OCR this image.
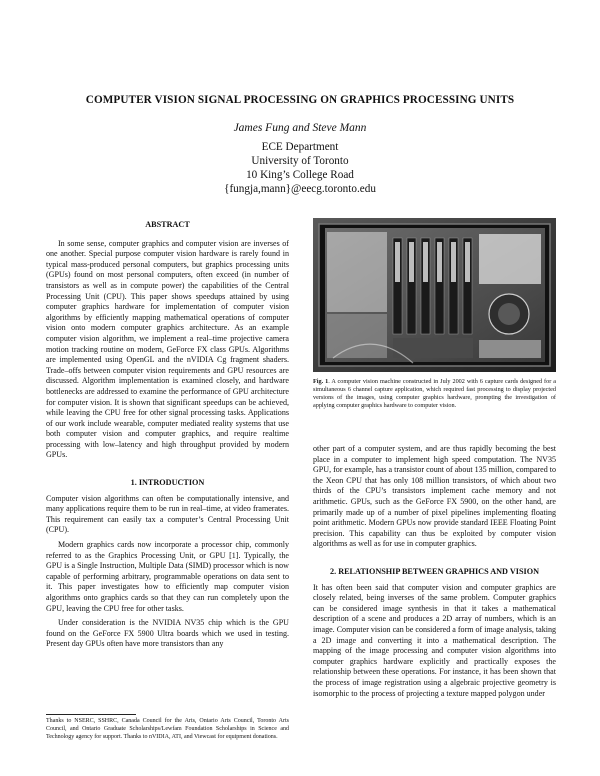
COMPUTER VISION SIGNAL PROCESSING ON GRAPHICS PROCESSING UNITS
James Fung and Steve Mann
ECE Department
University of Toronto
10 King’s College Road
{fungja,mann}@eecg.toronto.edu

ABSTRACT

In some sense, computer graphics and computer vision are inverses of one another. Special purpose computer vision hardware is rarely found in typical mass-produced personal computers, but graphics processing units (GPUs) found on most personal computers, often exceed (in number of transistors as well as in compute power) the capabilities of the Central Processing Unit (CPU). This paper shows speedups attained by using computer graphics hardware for implementation of computer vision algorithms by efficiently mapping mathematical operations of computer vision onto modern computer graphics architecture. As an example computer vision algorithm, we implement a real–time projective camera motion tracking routine on modern, GeForce FX class GPUs. Algorithms are implemented using OpenGL and the nVIDIA Cg fragment shaders. Trade–offs between computer vision requirements and GPU resources are discussed. Algorithm implementation is examined closely, and hardware bottlenecks are addressed to examine the performance of GPU architecture for computer vision. It is shown that significant speedups can be achieved, while leaving the CPU free for other signal processing tasks. Applications of our work include wearable, computer mediated reality systems that use both computer vision and computer graphics, and require realtime processing with low–latency and high throughput provided by modern GPUs.

1. INTRODUCTION

Computer vision algorithms can often be computationally intensive, and many applications require them to be run in real–time, at video framerates. This requirement can easily tax a computer’s Central Processing Unit (CPU).

Modern graphics cards now incorporate a processor chip, commonly referred to as the Graphics Processing Unit, or GPU [1]. Typically, the GPU is a Single Instruction, Multiple Data (SIMD) processor which is now capable of performing arbitrary, programmable operations on data sent to it. This paper investigates how to efficiently map computer vision algorithms onto graphics cards so that they can run completely upon the GPU, leaving the CPU free for other tasks.

Under consideration is the NVIDIA NV35 chip which is the GPU found on the GeForce FX 5900 Ultra boards which we used in testing. Present day GPUs often have more transistors than any

Thanks to NSERC, SSHRC, Canada Council for the Arts, Ontario Arts Council, Toronto Arts Council, and Ontario Graduate Scholarships/Lewfam Foundation Scholarships in Science and Technology agency for support. Thanks to nVIDIA, ATI, and Viewcast for equipment donations.
Fig. 1. A computer vision machine constructed in July 2002 with 6 capture cards designed for a simultaneous 6 channel capture application, which required fast processing to display projected versions of the images, using computer graphics hardware, prompting the investigation of applying computer graphics hardware to computer vision.

other part of a computer system, and are thus rapidly becoming the best place in a computer to implement high speed computation. The NV35 GPU, for example, has a transistor count of about 135 million, compared to the Xeon CPU that has only 108 million transistors, of which about two thirds of the CPU’s transistors implement cache memory and not arithmetic. GPUs, such as the GeForce FX 5900, on the other hand, are primarily made up of a number of pixel pipelines implementing floating point arithmetic. Modern GPUs now provide standard IEEE Floating Point precision. This capability can thus be exploited by computer vision algorithms as well as for use in computer graphics.

2. RELATIONSHIP BETWEEN GRAPHICS AND VISION

It has often been said that computer vision and computer graphics are closely related, being inverses of the same problem. Computer graphics can be considered image synthesis in that it takes a mathematical description of a scene and produces a 2D array of numbers, which is an image. Computer vision can be considered a form of image analysis, taking a 2D image and converting it into a mathematical description. The mapping of the image processing and computer vision algorithms into computer graphics hardware explicitly and practically exposes the relationship between these operations. For instance, it has been shown that the process of image registration using a algebraic projective geometry is isomorphic to the process of projecting a texture mapped polygon under
